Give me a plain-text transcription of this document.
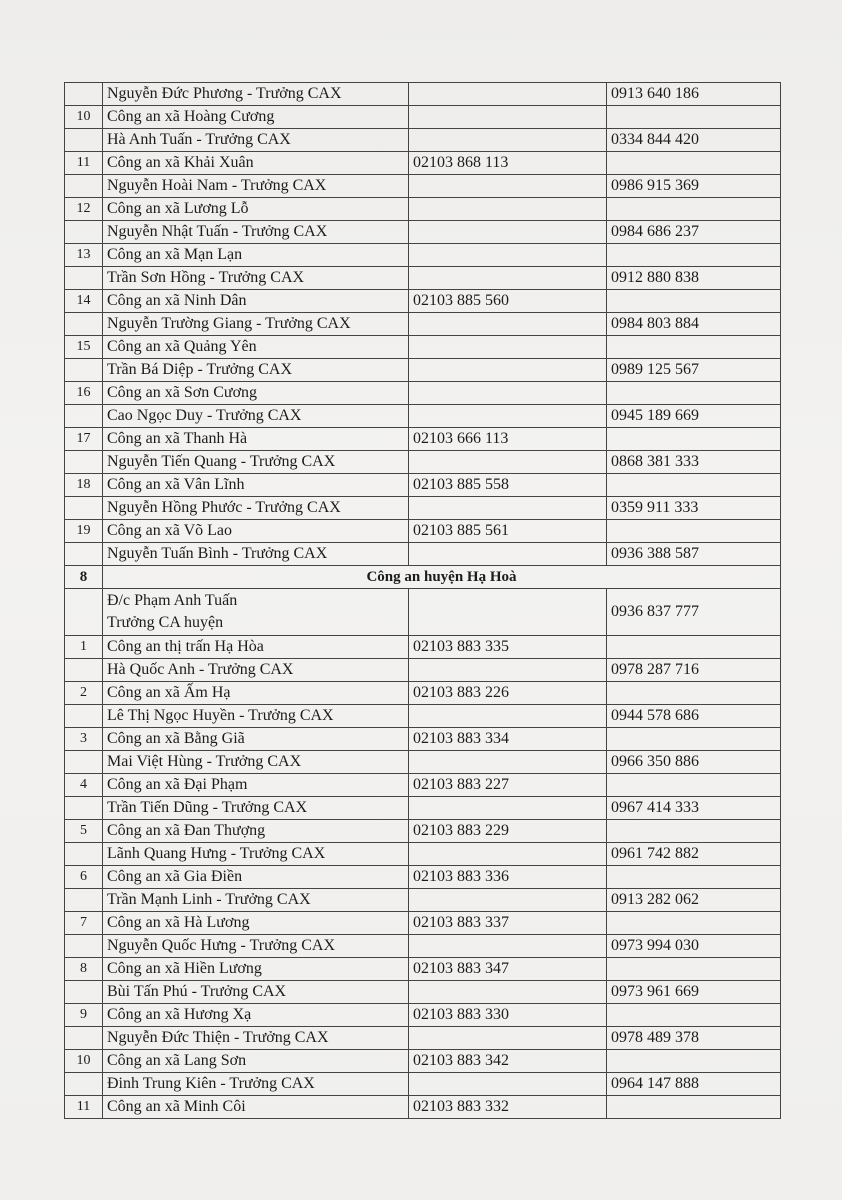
	Nguyễn Đức Phương - Trưởng CAX		0913 640 186
10	Công an xã Hoàng Cương		
	Hà Anh Tuấn - Trưởng CAX		0334 844 420
11	Công an xã Khải Xuân	02103 868 113	
	Nguyễn Hoài Nam - Trưởng CAX		0986 915 369
12	Công an xã Lương Lỗ		
	Nguyễn Nhật Tuấn - Trưởng CAX		0984 686 237
13	Công an xã Mạn Lạn		
	Trần Sơn Hồng - Trưởng CAX		0912 880 838
14	Công an xã Ninh Dân	02103 885 560	
	Nguyễn Trường Giang - Trưởng CAX		0984 803 884
15	Công an xã Quảng Yên		
	Trần Bá Diệp - Trưởng CAX		0989 125 567
16	Công an xã Sơn Cương		
	Cao Ngọc Duy - Trưởng CAX		0945 189 669
17	Công an xã Thanh Hà	02103 666 113	
	Nguyễn Tiến Quang - Trưởng CAX		0868 381 333
18	Công an xã Vân Lĩnh	02103 885 558	
	Nguyễn Hồng Phước - Trưởng CAX		0359 911 333
19	Công an xã Võ Lao	02103 885 561	
	Nguyễn Tuấn Bình - Trưởng CAX		0936 388 587
8	Công an huyện Hạ Hoà		

	Đ/c Phạm Anh Tuấn
Trưởng CA huyện		0936 837 777
1	Công an thị trấn Hạ Hòa	02103 883 335	
	Hà Quốc Anh - Trưởng CAX		0978 287 716
2	Công an xã Ấm Hạ	02103 883 226	
	Lê Thị Ngọc Huyền - Trưởng CAX		0944 578 686
3	Công an xã Bằng Giã	02103 883 334	
	Mai Việt Hùng - Trưởng CAX		0966 350 886
4	Công an xã Đại Phạm	02103 883 227	
	Trần Tiến Dũng - Trưởng CAX		0967 414 333
5	Công an xã Đan Thượng	02103 883 229	
	Lãnh Quang Hưng - Trưởng CAX		0961 742 882
6	Công an xã Gia Điền	02103 883 336	
	Trần Mạnh Linh - Trưởng CAX		0913 282 062
7	Công an xã Hà Lương	02103 883 337	
	Nguyễn Quốc Hưng - Trưởng CAX		0973 994 030
8	Công an xã Hiền Lương	02103 883 347	
	Bùi Tấn Phú - Trưởng CAX		0973 961 669
9	Công an xã Hương Xạ	02103 883 330	
	Nguyễn Đức Thiện - Trưởng CAX		0978 489 378
10	Công an xã Lang Sơn	02103 883 342	
	Đinh Trung Kiên - Trưởng CAX		0964 147 888
11	Công an xã Minh Côi	02103 883 332	
